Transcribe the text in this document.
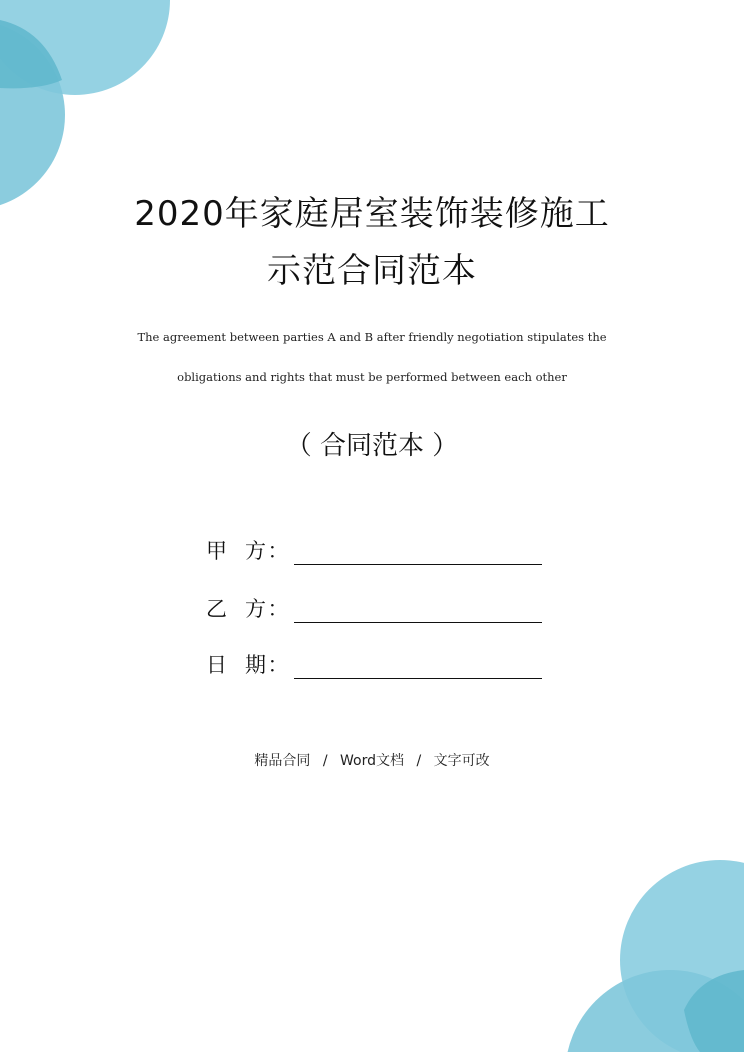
2020年家庭居室装饰装修施工
示范合同范本
The agreement between parties A and B after friendly negotiation stipulates the
obligations and rights that must be performed between each other
（ 合同范本 ）
甲 方 ：
乙 方 ：
日 期 ：
精品合同 / Word文档 / 文字可改
